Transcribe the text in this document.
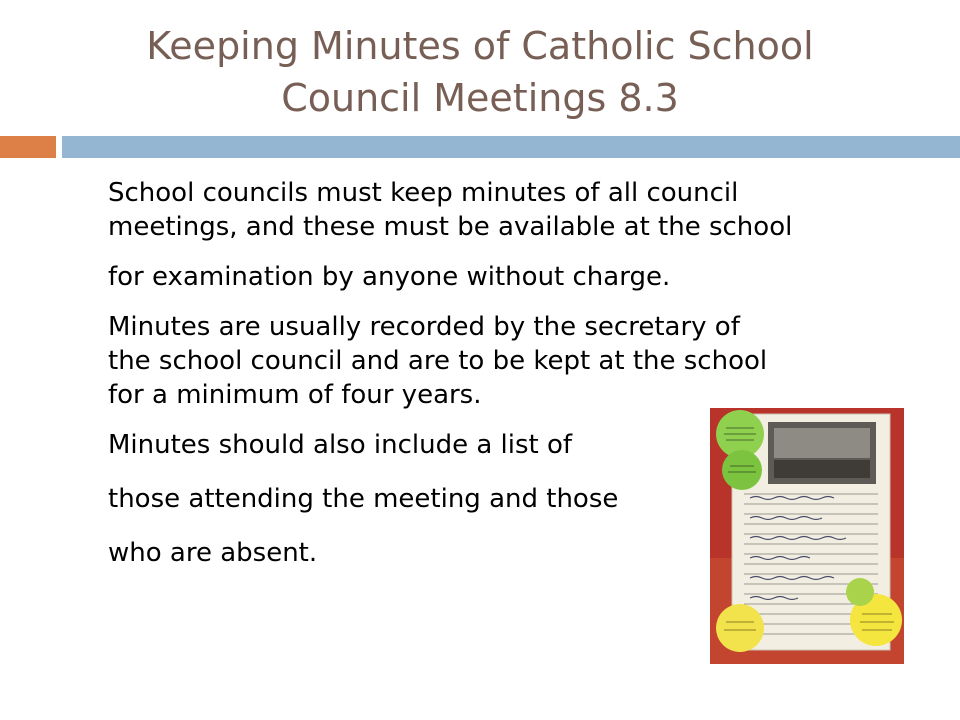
Keeping Minutes of Catholic School
Council Meetings 8.3

School councils must keep minutes of all council

meetings, and these must be available at the school

for examination by anyone without charge.

Minutes are usually recorded by the secretary of

the school council and are to be kept at the school

for a minimum of four years.

Minutes should also include a list of

those attending the meeting and those

who are absent.
